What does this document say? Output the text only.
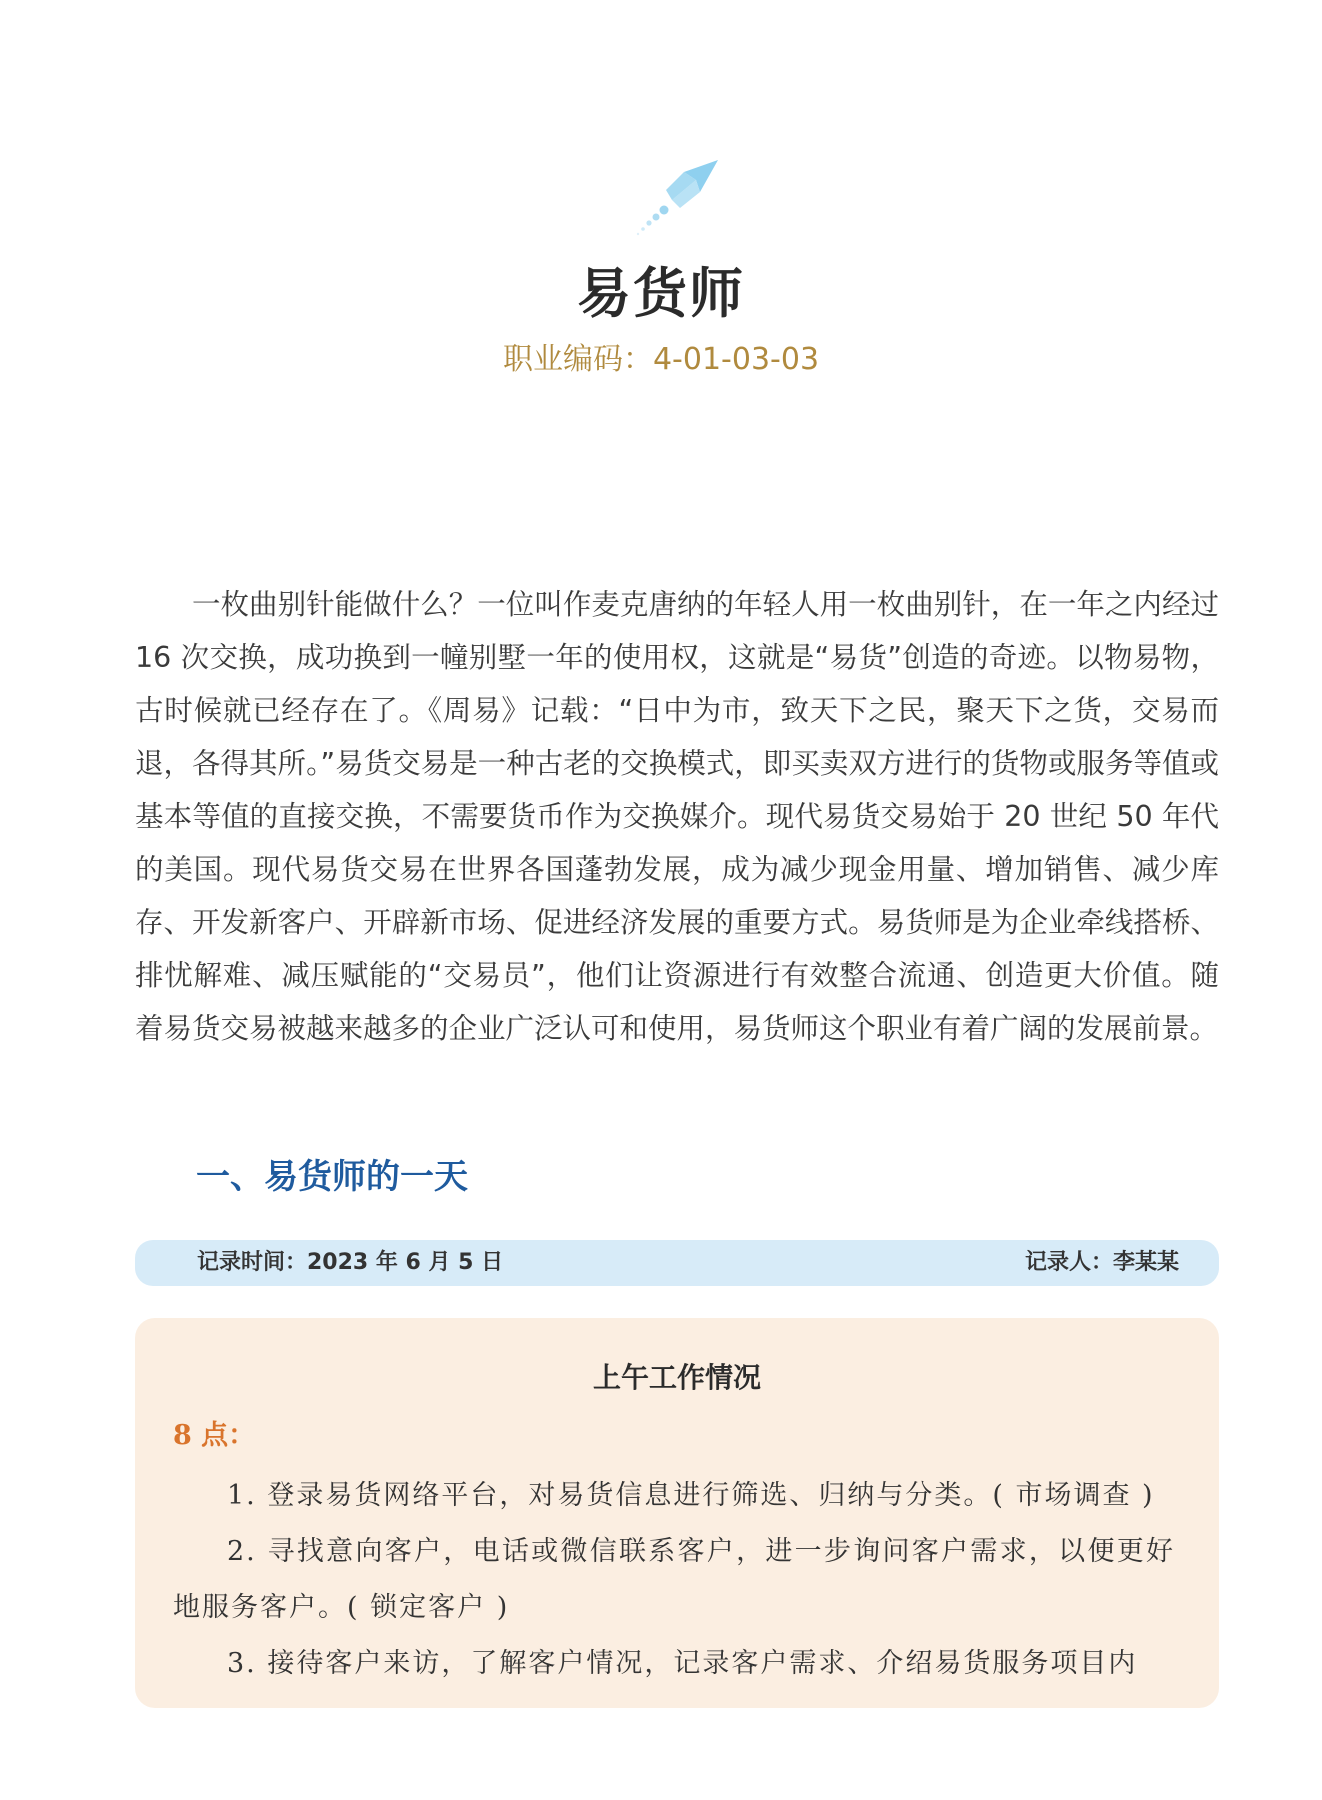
易货师
职业编码：4-01-03-03

一枚曲别针能做什么？一位叫作麦克唐纳的年轻人用一枚曲别针，在一年之内经过 16 次交换，成功换到一幢别墅一年的使用权，这就是“易货”创造的奇迹。以物易物，古时候就已经存在了。《周易》记载：“日中为市，致天下之民，聚天下之货，交易而退，各得其所。”易货交易是一种古老的交换模式，即买卖双方进行的货物或服务等值或基本等值的直接交换，不需要货币作为交换媒介。现代易货交易始于 20 世纪 50 年代的美国。现代易货交易在世界各国蓬勃发展，成为减少现金用量、增加销售、减少库存、开发新客户、开辟新市场、促进经济发展的重要方式。易货师是为企业牵线搭桥、排忧解难、减压赋能的“交易员”，他们让资源进行有效整合流通、创造更大价值。随着易货交易被越来越多的企业广泛认可和使用，易货师这个职业有着广阔的发展前景。

一、易货师的一天
记录时间：2023 年 6 月 5 日	记录人：李某某
上午工作情况
8 点：

1. 登录易货网络平台，对易货信息进行筛选、归纳与分类。( 市场调查 )

2. 寻找意向客户，电话或微信联系客户，进一步询问客户需求，以便更好地服务客户。( 锁定客户 )

3. 接待客户来访，了解客户情况，记录客户需求、介绍易货服务项目内
